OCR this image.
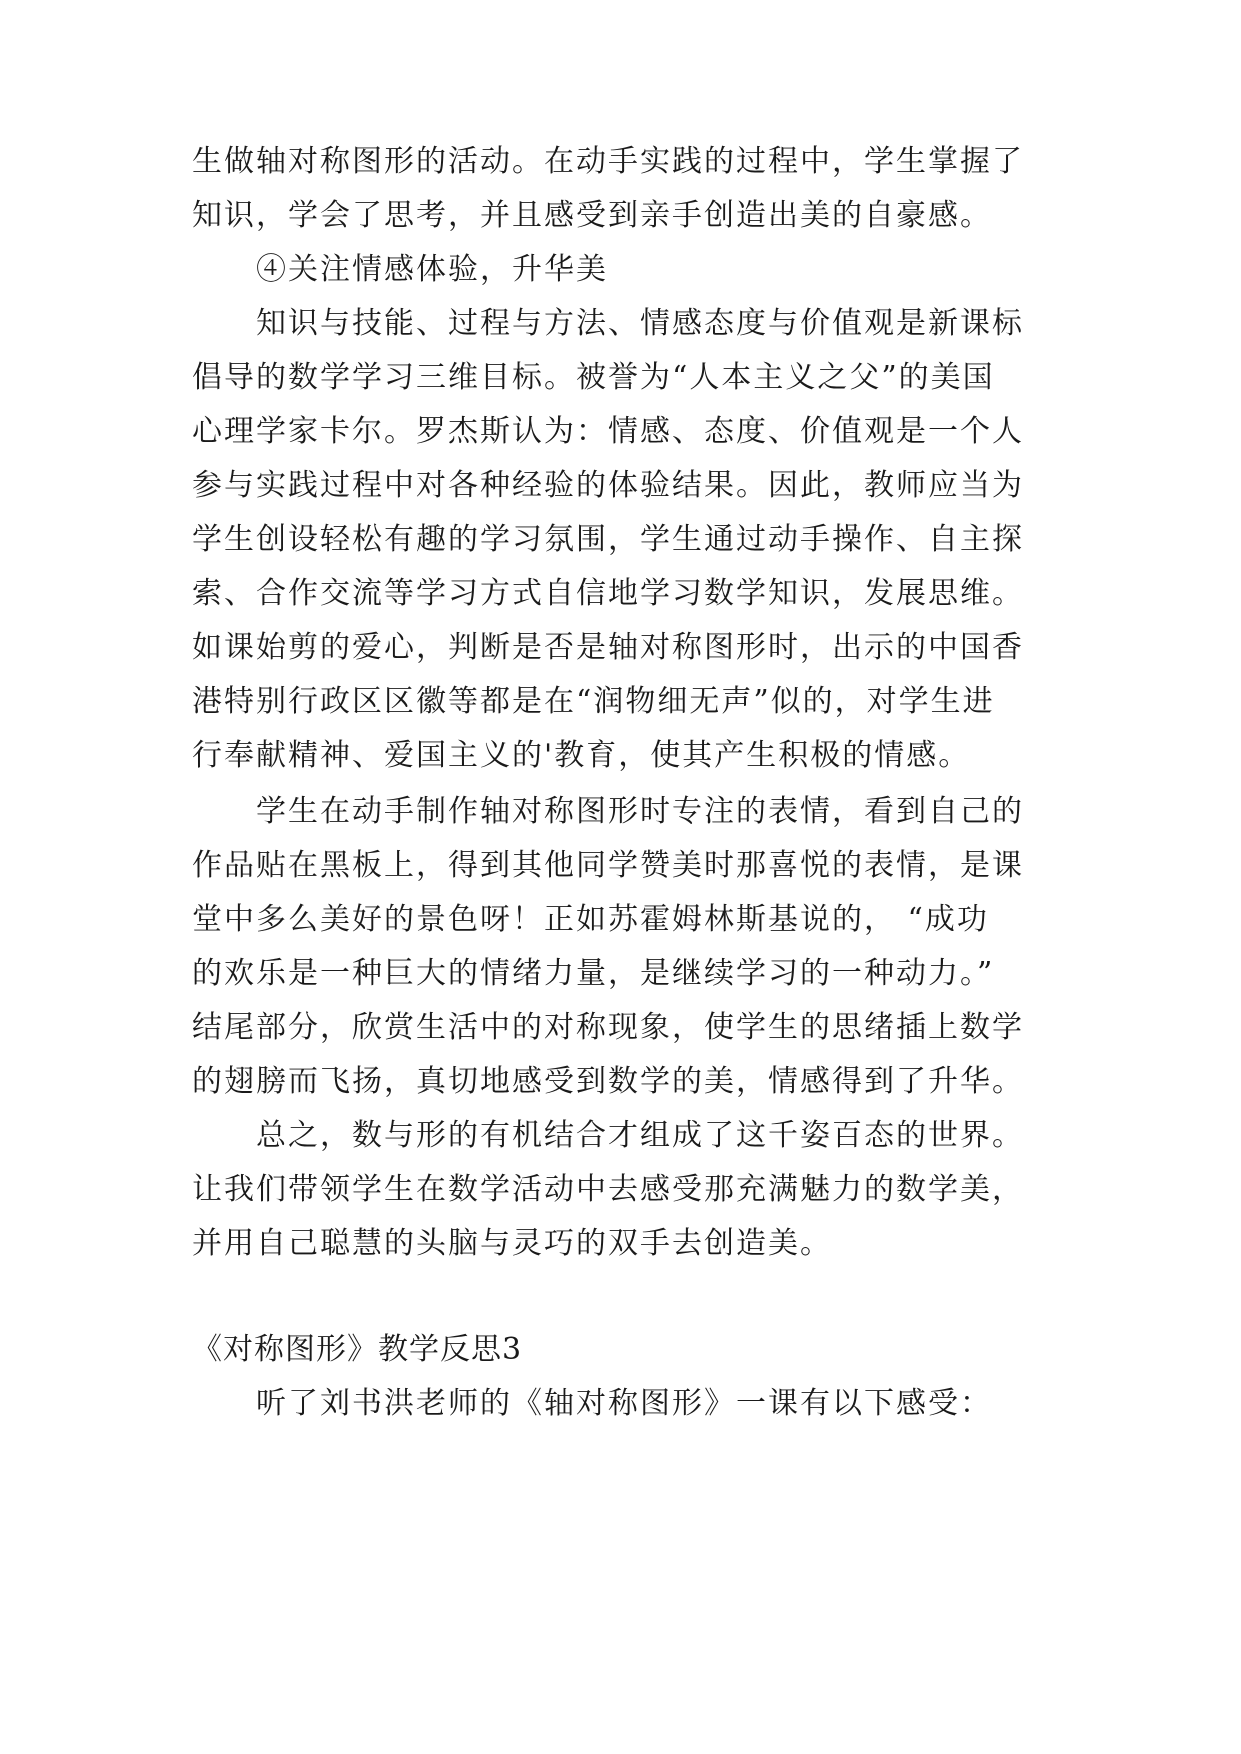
生做轴对称图形的活动。在动手实践的过程中，学生掌握了
知识，学会了思考，并且感受到亲手创造出美的自豪感。
④关注情感体验，升华美
知识与技能、过程与方法、情感态度与价值观是新课标
倡导的数学学习三维目标。被誉为“人本主义之父”的美国
心理学家卡尔。罗杰斯认为：情感、态度、价值观是一个人
参与实践过程中对各种经验的体验结果。因此，教师应当为
学生创设轻松有趣的学习氛围，学生通过动手操作、自主探
索、合作交流等学习方式自信地学习数学知识，发展思维。
如课始剪的爱心，判断是否是轴对称图形时，出示的中国香
港特别行政区区徽等都是在“润物细无声”似的，对学生进
行奉献精神、爱国主义的'教育，使其产生积极的情感。
学生在动手制作轴对称图形时专注的表情，看到自己的
作品贴在黑板上，得到其他同学赞美时那喜悦的表情，是课
堂中多么美好的景色呀！正如苏霍姆林斯基说的， “成功
的欢乐是一种巨大的情绪力量，是继续学习的一种动力。”
结尾部分，欣赏生活中的对称现象，使学生的思绪插上数学
的翅膀而飞扬，真切地感受到数学的美，情感得到了升华。
总之，数与形的有机结合才组成了这千姿百态的世界。
让我们带领学生在数学活动中去感受那充满魅力的数学美，
并用自己聪慧的头脑与灵巧的双手去创造美。
《对称图形》教学反思3
听了刘书洪老师的《轴对称图形》一课有以下感受：
